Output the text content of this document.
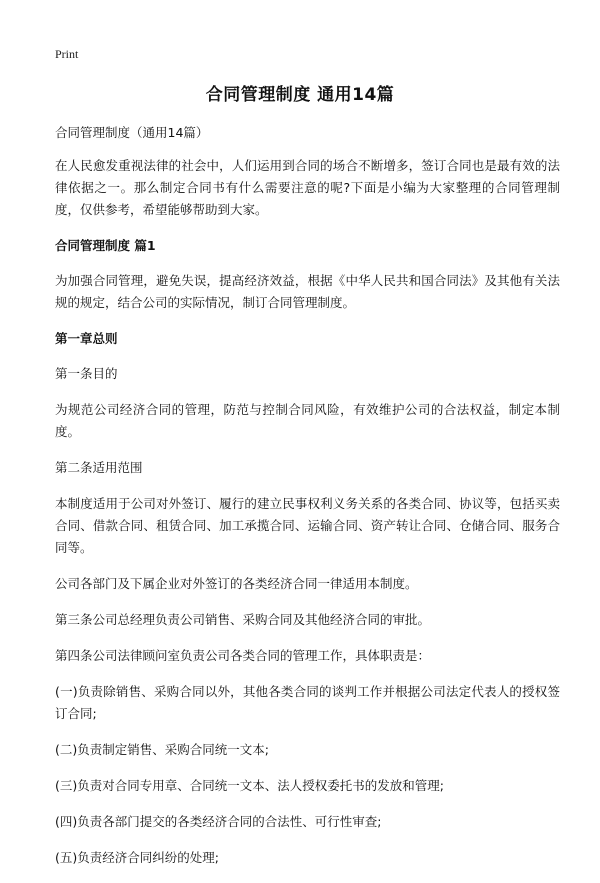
Print
合同管理制度 通用14篇

合同管理制度（通用14篇）

在人民愈发重视法律的社会中，人们运用到合同的场合不断增多，签订合同也是最有效的法律依据之一。那么制定合同书有什么需要注意的呢?下面是小编为大家整理的合同管理制度，仅供参考，希望能够帮助到大家。

合同管理制度 篇1

为加强合同管理，避免失误，提高经济效益，根据《中华人民共和国合同法》及其他有关法规的规定，结合公司的实际情况，制订合同管理制度。

第一章总则

第一条目的

为规范公司经济合同的管理，防范与控制合同风险，有效维护公司的合法权益，制定本制度。

第二条适用范围

本制度适用于公司对外签订、履行的建立民事权利义务关系的各类合同、协议等，包括买卖合同、借款合同、租赁合同、加工承揽合同、运输合同、资产转让合同、仓储合同、服务合同等。

公司各部门及下属企业对外签订的各类经济合同一律适用本制度。

第三条公司总经理负责公司销售、采购合同及其他经济合同的审批。

第四条公司法律顾问室负责公司各类合同的管理工作，具体职责是：

(一)负责除销售、采购合同以外，其他各类合同的谈判工作并根据公司法定代表人的授权签订合同;

(二)负责制定销售、采购合同统一文本;

(三)负责对合同专用章、合同统一文本、法人授权委托书的发放和管理;

(四)负责各部门提交的各类经济合同的合法性、可行性审查;

(五)负责经济合同纠纷的处理;
